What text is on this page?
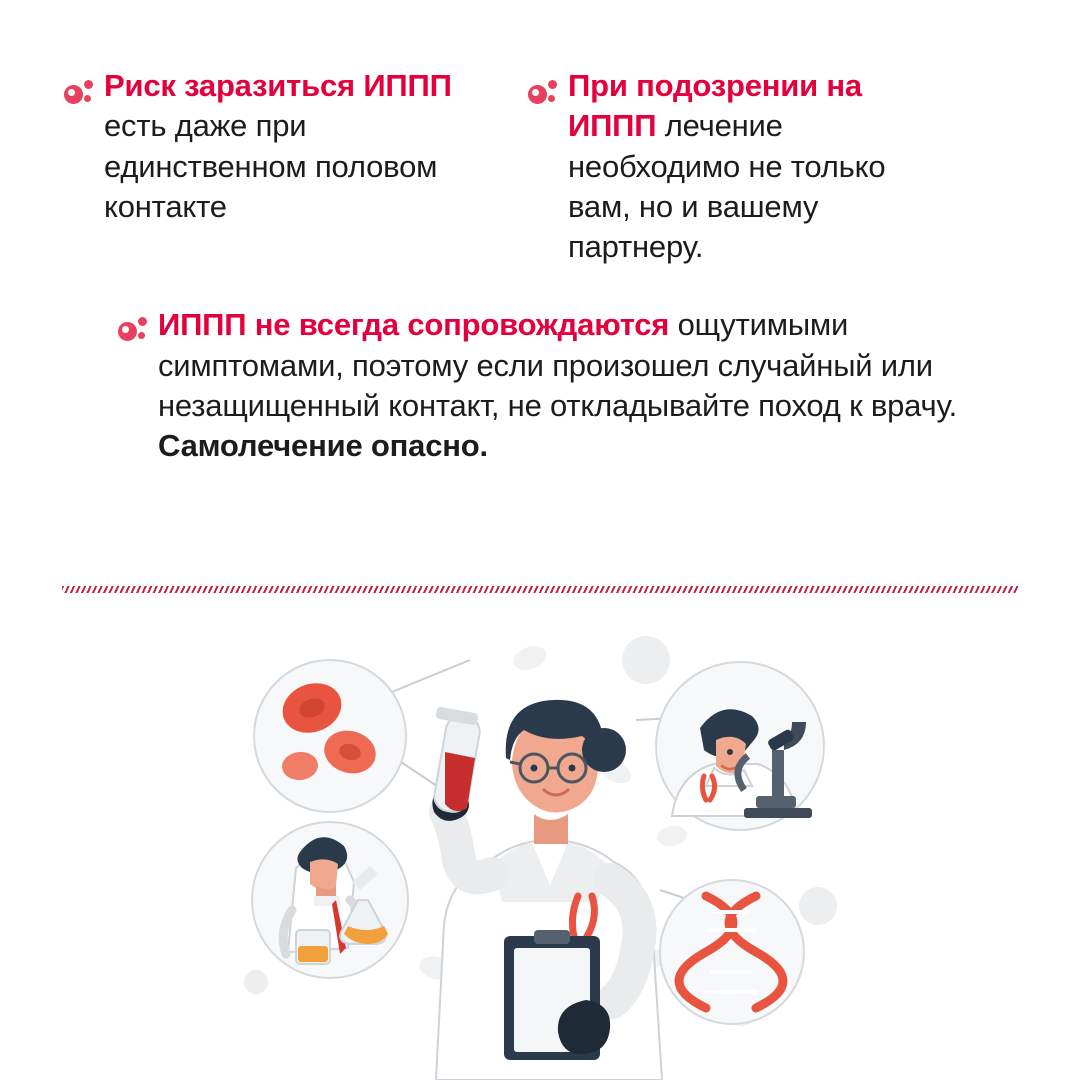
Риск заразиться ИППП есть даже при единственном половом контакте
При подозрении на ИППП лечение необходимо не только вам, но и вашему партнеру.
ИППП не всегда сопровождаются ощутимыми симптомами, поэтому если произошел случайный или незащищенный контакт, не откладывайте поход к врачу. Самолечение опасно.
